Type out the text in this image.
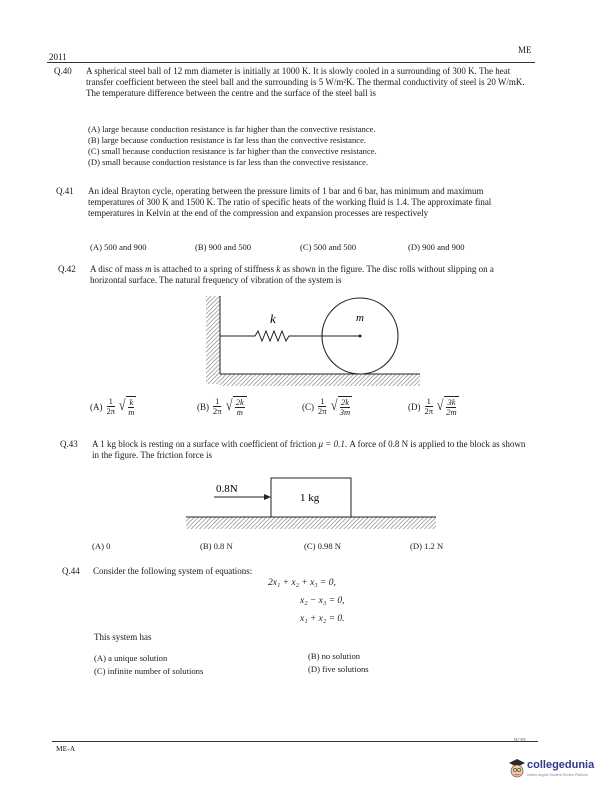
ME
2011
Q.40 A spherical steel ball of 12 mm diameter is initially at 1000 K. It is slowly cooled in a surrounding of 300 K. The heat transfer coefficient between the steel ball and the surrounding is 5 W/m²K. The thermal conductivity of steel is 20 W/mK. The temperature difference between the centre and the surface of the steel ball is
(A) large because conduction resistance is far higher than the convective resistance.
(B) large because conduction resistance is far less than the convective resistance.
(C) small because conduction resistance is far higher than the convective resistance.
(D) small because conduction resistance is far less than the convective resistance.
Q.41 An ideal Brayton cycle, operating between the pressure limits of 1 bar and 6 bar, has minimum and maximum temperatures of 300 K and 1500 K. The ratio of specific heats of the working fluid is 1.4. The approximate final temperatures in Kelvin at the end of the compression and expansion processes are respectively
(A) 500 and 900	(B) 900 and 500	(C) 500 and 500	(D) 900 and 900
Q.42 A disc of mass m is attached to a spring of stiffness k as shown in the figure. The disc rolls without slipping on a horizontal surface. The natural frequency of vibration of the system is
k	m
$(A) \frac{1}{2\pi}$ √ k
m
$(B) \frac{1}{2\pi}$ √ 2k
m
$(C) \frac{1}{2\pi}$ √ 2k
3m
$(D) \frac{1}{2\pi}$ √ 3k
2m
Q.43 A 1 kg block is resting on a surface with coefficient of friction μ = 0.1. A force of 0.8 N is applied to the block as shown in the figure. The friction force is
0.8N
1 kg
(A) 0	(B) 0.8 N	(C) 0.98 N	(D) 1.2 N
Q.44 Consider the following system of equations:
2x₁ + x₂ + x₃ = 0,
x₂ − x₃ = 0,
x₁ + x₂ = 0.
This system has
(A) a unique solution	(B) no solution
(C) infinite number of solutions	(D) five solutions
ME-A
9/20
collegedunia
India's largest Student Review Platform
